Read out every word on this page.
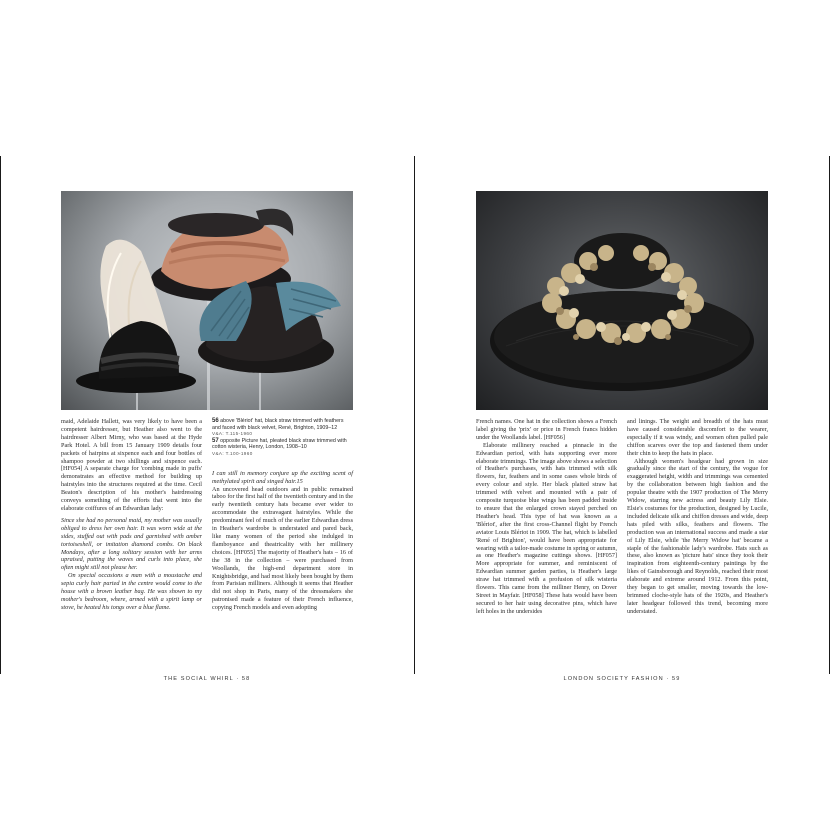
maid, Adelaide Hallett, was very likely to have been a competent hairdresser, but Heather also went to the hairdresser Albert Mirny, who was based at the Hyde Park Hotel. A bill from 15 January 1909 details four packets of hairpins at sixpence each and four bottles of shampoo powder at two shillings and sixpence each. [HF054] A separate charge for 'combing made in puffs' demonstrates an effective method for building up hairstyles into the structures required at the time. Cecil Beaton's description of his mother's hairdressing conveys something of the efforts that went into the elaborate coiffures of an Edwardian lady:

Since she had no personal maid, my mother was usually obliged to dress her own hair. It was worn wide at the sides, stuffed out with pads and garnished with amber tortoiseshell, or imitation diamond combs. On black Mondays, after a long solitary session with her arms upraised, putting the waves and curls into place, she often might still not please her.

On special occasions a man with a moustache and sepia curly hair parted in the centre would come to the house with a brown leather bag. He was shown to my mother's bedroom, where, armed with a spirit lamp or stove, he heated his tongs over a blue flame.

56 above 'Blériot' hat, black straw trimmed with feathers and faced with black velvet, René, Brighton, 1909–12
V&A: T.115-1960

57 opposite Picture hat, pleated black straw trimmed with cotton wisteria, Henry, London, 1908–10
V&A: T.100-1960

I can still in memory conjure up the exciting scent of methylated spirit and singed hair.15

An uncovered head outdoors and in public remained taboo for the first half of the twentieth century and in the early twentieth century hats became ever wider to accommodate the extravagant hairstyles. While the predominant feel of much of the earlier Edwardian dress in Heather's wardrobe is understated and pared back, like many women of the period she indulged in flamboyance and theatricality with her millinery choices. [HF055] The majority of Heather's hats – 16 of the 38 in the collection – were purchased from Woollands, the high-end department store in Knightsbridge, and had most likely been bought by them from Parisian milliners. Although it seems that Heather did not shop in Paris, many of the dressmakers she patronised made a feature of their French influence, copying French models and even adopting

THE SOCIAL WHIRL · 58

French names. One hat in the collection shows a French label giving the 'prix' or price in French francs hidden under the Woollands label. [HF056]

Elaborate millinery reached a pinnacle in the Edwardian period, with hats supporting ever more elaborate trimmings. The image above shows a selection of Heather's purchases, with hats trimmed with silk flowers, fur, feathers and in some cases whole birds of every colour and style. Her black plaited straw hat trimmed with velvet and mounted with a pair of composite turquoise blue wings has been padded inside to ensure that the enlarged crown stayed perched on Heather's head. This type of hat was known as a 'Blériot', after the first cross-Channel flight by French aviator Louis Blériot in 1909. The hat, which is labelled 'René of Brighton', would have been appropriate for wearing with a tailor-made costume in spring or autumn, as one Heather's magazine cuttings shows. [HF057] More appropriate for summer, and reminiscent of Edwardian summer garden parties, is Heather's large straw hat trimmed with a profusion of silk wisteria flowers. This came from the milliner Henry, on Dover Street in Mayfair. [HF058] These hats would have been secured to her hair using decorative pins, which have left holes in the undersides

and linings. The weight and breadth of the hats must have caused considerable discomfort to the wearer, especially if it was windy, and women often pulled pale chiffon scarves over the top and fastened them under their chin to keep the hats in place.

Although women's headgear had grown in size gradually since the start of the century, the vogue for exaggerated height, width and trimmings was cemented by the collaboration between high fashion and the popular theatre with the 1907 production of The Merry Widow, starring new actress and beauty Lily Elsie. Elsie's costumes for the production, designed by Lucile, included delicate silk and chiffon dresses and wide, deep hats piled with silks, feathers and flowers. The production was an international success and made a star of Lily Elsie, while 'the Merry Widow hat' became a staple of the fashionable lady's wardrobe. Hats such as these, also known as 'picture hats' since they took their inspiration from eighteenth-century paintings by the likes of Gainsborough and Reynolds, reached their most elaborate and extreme around 1912. From this point, they began to get smaller, moving towards the low-brimmed cloche-style hats of the 1920s, and Heather's later headgear followed this trend, becoming more understated.

LONDON SOCIETY FASHION · 59
